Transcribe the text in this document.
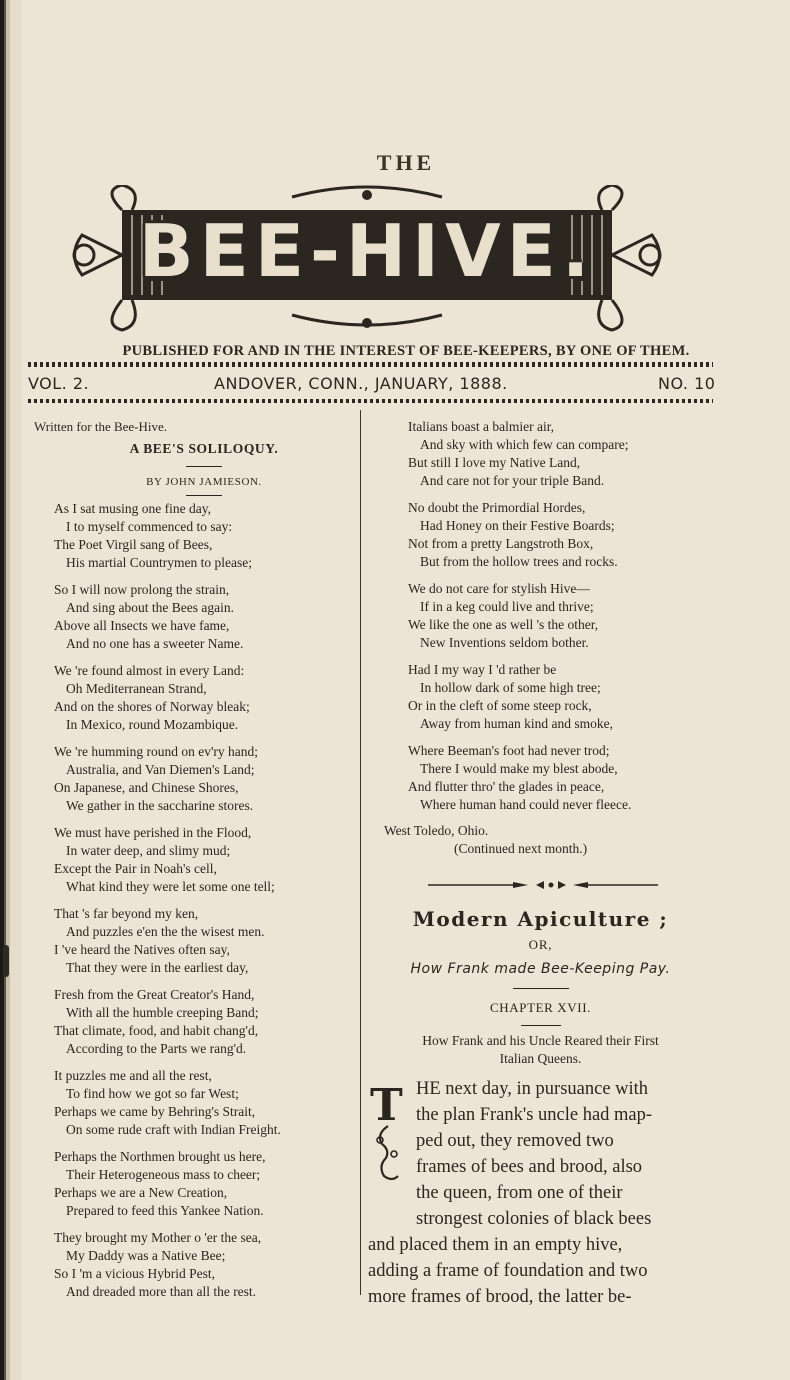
THE
BEE-HIVE.
PUBLISHED FOR AND IN THE INTEREST OF BEE-KEEPERS, BY ONE OF THEM.
VOL. 2.	ANDOVER, CONN., JANUARY, 1888.	NO. 10
Written for the Bee-Hive.
A BEE'S SOLILOQUY.
BY JOHN JAMIESON.
As I sat musing one fine day,
I to myself commenced to say:
The Poet Virgil sang of Bees,
His martial Countrymen to please;
So I will now prolong the strain,
And sing about the Bees again.
Above all Insects we have fame,
And no one has a sweeter Name.
We 're found almost in every Land:
Oh Mediterranean Strand,
And on the shores of Norway bleak;
In Mexico, round Mozambique.
We 're humming round on ev'ry hand;
Australia, and Van Diemen's Land;
On Japanese, and Chinese Shores,
We gather in the saccharine stores.
We must have perished in the Flood,
In water deep, and slimy mud;
Except the Pair in Noah's cell,
What kind they were let some one tell;
That 's far beyond my ken,
And puzzles e'en the the wisest men.
I 've heard the Natives often say,
That they were in the earliest day,
Fresh from the Great Creator's Hand,
With all the humble creeping Band;
That climate, food, and habit chang'd,
According to the Parts we rang'd.
It puzzles me and all the rest,
To find how we got so far West;
Perhaps we came by Behring's Strait,
On some rude craft with Indian Freight.
Perhaps the Northmen brought us here,
Their Heterogeneous mass to cheer;
Perhaps we are a New Creation,
Prepared to feed this Yankee Nation.
They brought my Mother o 'er the sea,
My Daddy was a Native Bee;
So I 'm a vicious Hybrid Pest,
And dreaded more than all the rest.
Italians boast a balmier air,
And sky with which few can compare;
But still I love my Native Land,
And care not for your triple Band.
No doubt the Primordial Hordes,
Had Honey on their Festive Boards;
Not from a pretty Langstroth Box,
But from the hollow trees and rocks.
We do not care for stylish Hive—
If in a keg could live and thrive;
We like the one as well 's the other,
New Inventions seldom bother.
Had I my way I 'd rather be
In hollow dark of some high tree;
Or in the cleft of some steep rock,
Away from human kind and smoke,
Where Beeman's foot had never trod;
There I would make my blest abode,
And flutter thro' the glades in peace,
Where human hand could never fleece.
West Toledo, Ohio.
(Continued next month.)
Modern Apiculture ;
OR,
How Frank made Bee-Keeping Pay.
CHAPTER XVII.
How Frank and his Uncle Reared their First
Italian Queens.
T HE next day, in pursuance with
the plan Frank's uncle had map-
ped out, they removed two
frames of bees and brood, also
the queen, from one of their
strongest colonies of black bees
and placed them in an empty hive,
adding a frame of foundation and two
more frames of brood, the latter be-
